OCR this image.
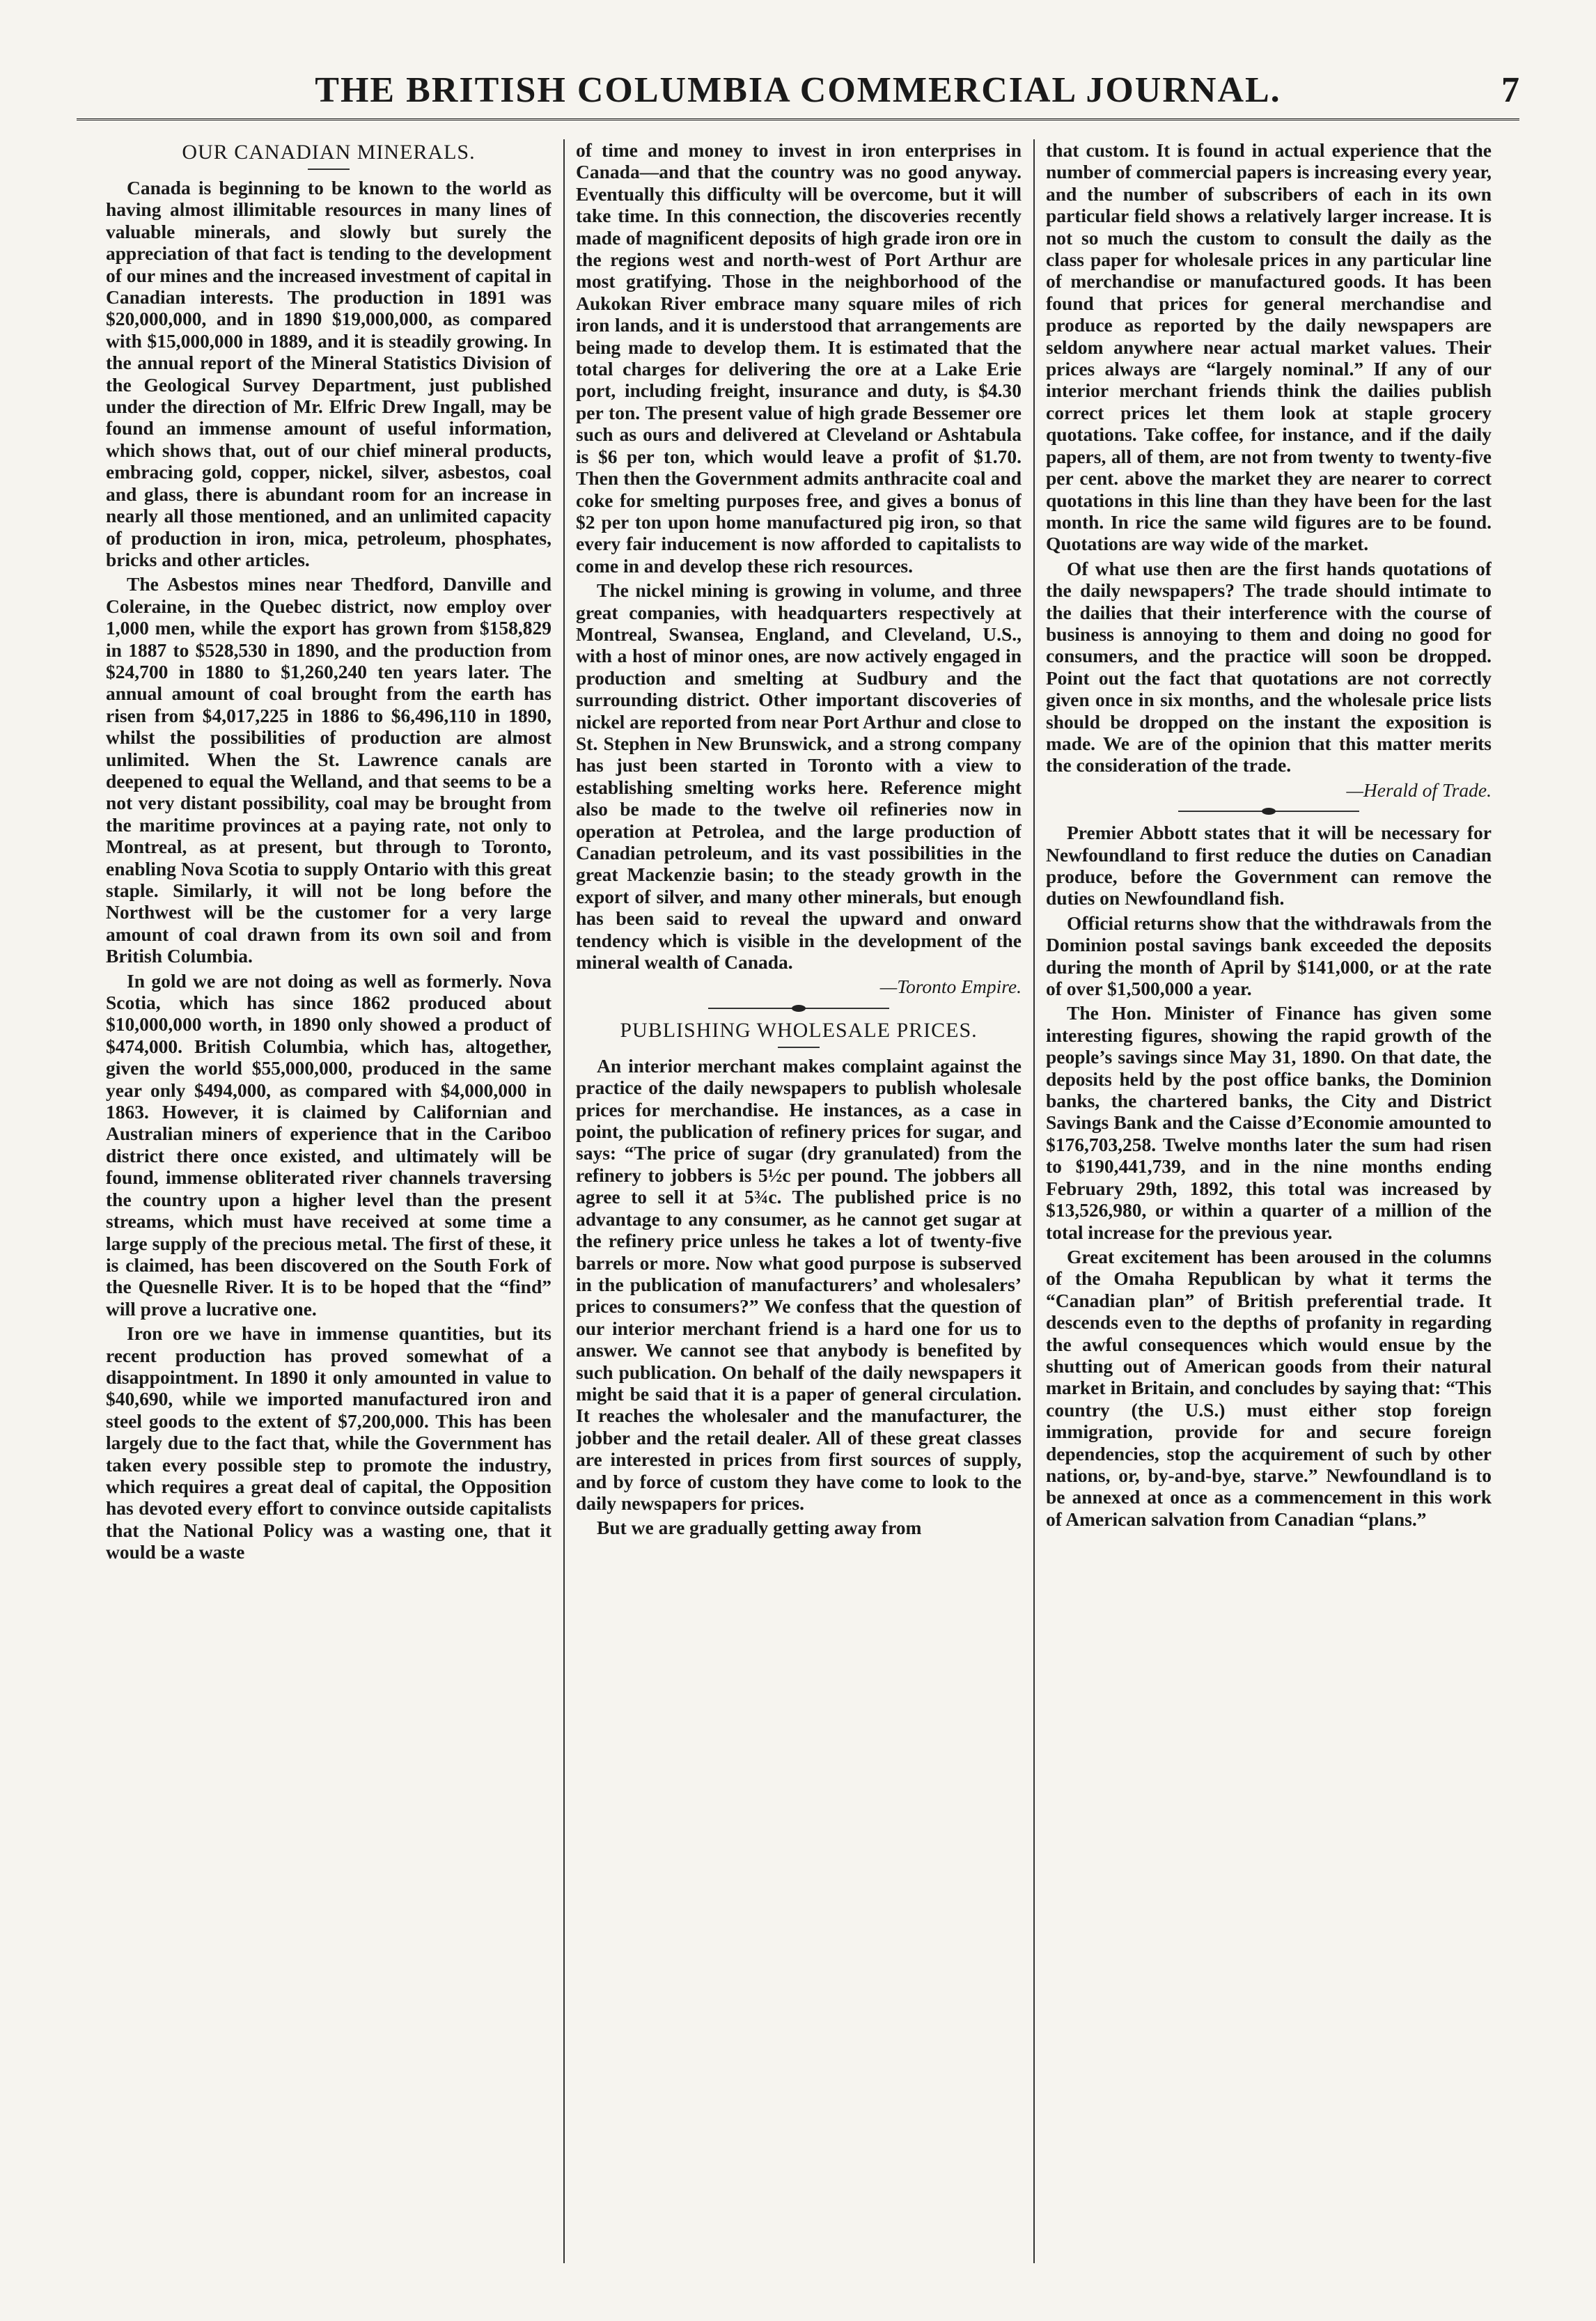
THE BRITISH COLUMBIA COMMERCIAL JOURNAL.	7
OUR CANADIAN MINERALS.

Canada is beginning to be known to the world as having almost illimitable resources in many lines of valuable minerals, and slowly but surely the appreciation of that fact is tending to the development of our mines and the increased investment of capital in Canadian interests. The production in 1891 was $20,000,000, and in 1890 $19,000,000, as compared with $15,000,000 in 1889, and it is steadily growing. In the annual report of the Mineral Statistics Division of the Geological Survey Department, just published under the direction of Mr. Elfric Drew Ingall, may be found an immense amount of useful information, which shows that, out of our chief mineral products, embracing gold, copper, nickel, silver, asbestos, coal and glass, there is abundant room for an increase in nearly all those mentioned, and an unlimited capacity of production in iron, mica, petroleum, phosphates, bricks and other articles.

The Asbestos mines near Thedford, Danville and Coleraine, in the Quebec district, now employ over 1,000 men, while the export has grown from $158,829 in 1887 to $528,530 in 1890, and the production from $24,700 in 1880 to $1,260,240 ten years later. The annual amount of coal brought from the earth has risen from $4,017,225 in 1886 to $6,496,110 in 1890, whilst the possibilities of production are almost unlimited. When the St. Lawrence canals are deepened to equal the Welland, and that seems to be a not very distant possibility, coal may be brought from the maritime provinces at a paying rate, not only to Montreal, as at present, but through to Toronto, enabling Nova Scotia to supply Ontario with this great staple. Similarly, it will not be long before the Northwest will be the customer for a very large amount of coal drawn from its own soil and from British Columbia.

In gold we are not doing as well as formerly. Nova Scotia, which has since 1862 produced about $10,000,000 worth, in 1890 only showed a product of $474,000. British Columbia, which has, altogether, given the world $55,000,000, produced in the same year only $494,000, as compared with $4,000,000 in 1863. However, it is claimed by Californian and Australian miners of experience that in the Cariboo district there once existed, and ultimately will be found, immense obliterated river channels traversing the country upon a higher level than the present streams, which must have received at some time a large supply of the precious metal. The first of these, it is claimed, has been discovered on the South Fork of the Quesnelle River. It is to be hoped that the “find” will prove a lucrative one.

Iron ore we have in immense quantities, but its recent production has proved somewhat of a disappointment. In 1890 it only amounted in value to $40,690, while we imported manufactured iron and steel goods to the extent of $7,200,000. This has been largely due to the fact that, while the Government has taken every possible step to promote the industry, which requires a great deal of capital, the Opposition has devoted every effort to convince outside capitalists that the National Policy was a wasting one, that it would be a waste

of time and money to invest in iron enterprises in Canada—and that the country was no good anyway. Eventually this difficulty will be overcome, but it will take time. In this connection, the discoveries recently made of magnificent deposits of high grade iron ore in the regions west and north-west of Port Arthur are most gratifying. Those in the neighborhood of the Aukokan River embrace many square miles of rich iron lands, and it is understood that arrangements are being made to develop them. It is estimated that the total charges for delivering the ore at a Lake Erie port, including freight, insurance and duty, is $4.30 per ton. The present value of high grade Bessemer ore such as ours and delivered at Cleveland or Ashtabula is $6 per ton, which would leave a profit of $1.70. Then then the Government admits anthracite coal and coke for smelting purposes free, and gives a bonus of $2 per ton upon home manufactured pig iron, so that every fair inducement is now afforded to capitalists to come in and develop these rich resources.

The nickel mining is growing in volume, and three great companies, with headquarters respectively at Montreal, Swansea, England, and Cleveland, U.S., with a host of minor ones, are now actively engaged in production and smelting at Sudbury and the surrounding district. Other important discoveries of nickel are reported from near Port Arthur and close to St. Stephen in New Brunswick, and a strong company has just been started in Toronto with a view to establishing smelting works here. Reference might also be made to the twelve oil refineries now in operation at Petrolea, and the large production of Canadian petroleum, and its vast possibilities in the great Mackenzie basin; to the steady growth in the export of silver, and many other minerals, but enough has been said to reveal the upward and onward tendency which is visible in the development of the mineral wealth of Canada.

—Toronto Empire.

PUBLISHING WHOLESALE PRICES.

An interior merchant makes complaint against the practice of the daily newspapers to publish wholesale prices for merchandise. He instances, as a case in point, the publication of refinery prices for sugar, and says: “The price of sugar (dry granulated) from the refinery to jobbers is 5½c per pound. The jobbers all agree to sell it at 5¾c. The published price is no advantage to any consumer, as he cannot get sugar at the refinery price unless he takes a lot of twenty-five barrels or more. Now what good purpose is subserved in the publication of manufacturers’ and wholesalers’ prices to consumers?” We confess that the question of our interior merchant friend is a hard one for us to answer. We cannot see that anybody is benefited by such publication. On behalf of the daily newspapers it might be said that it is a paper of general circulation. It reaches the wholesaler and the manufacturer, the jobber and the retail dealer. All of these great classes are interested in prices from first sources of supply, and by force of custom they have come to look to the daily newspapers for prices.

But we are gradually getting away from

that custom. It is found in actual experience that the number of commercial papers is increasing every year, and the number of subscribers of each in its own particular field shows a relatively larger increase. It is not so much the custom to consult the daily as the class paper for wholesale prices in any particular line of merchandise or manufactured goods. It has been found that prices for general merchandise and produce as reported by the daily newspapers are seldom anywhere near actual market values. Their prices always are “largely nominal.” If any of our interior merchant friends think the dailies publish correct prices let them look at staple grocery quotations. Take coffee, for instance, and if the daily papers, all of them, are not from twenty to twenty-five per cent. above the market they are nearer to correct quotations in this line than they have been for the last month. In rice the same wild figures are to be found. Quotations are way wide of the market.

Of what use then are the first hands quotations of the daily newspapers? The trade should intimate to the dailies that their interference with the course of business is annoying to them and doing no good for consumers, and the practice will soon be dropped. Point out the fact that quotations are not correctly given once in six months, and the wholesale price lists should be dropped on the instant the exposition is made. We are of the opinion that this matter merits the consideration of the trade.

—Herald of Trade.

Premier Abbott states that it will be necessary for Newfoundland to first reduce the duties on Canadian produce, before the Government can remove the duties on Newfoundland fish.

Official returns show that the withdrawals from the Dominion postal savings bank exceeded the deposits during the month of April by $141,000, or at the rate of over $1,500,000 a year.

The Hon. Minister of Finance has given some interesting figures, showing the rapid growth of the people’s savings since May 31, 1890. On that date, the deposits held by the post office banks, the Dominion banks, the chartered banks, the City and District Savings Bank and the Caisse d’Economie amounted to $176,703,258. Twelve months later the sum had risen to $190,441,739, and in the nine months ending February 29th, 1892, this total was increased by $13,526,980, or within a quarter of a million of the total increase for the previous year.

Great excitement has been aroused in the columns of the Omaha Republican by what it terms the “Canadian plan” of British preferential trade. It descends even to the depths of profanity in regarding the awful consequences which would ensue by the shutting out of American goods from their natural market in Britain, and concludes by saying that: “This country (the U.S.) must either stop foreign immigration, provide for and secure foreign dependencies, stop the acquirement of such by other nations, or, by-and-bye, starve.” Newfoundland is to be annexed at once as a commencement in this work of American salvation from Canadian “plans.”
